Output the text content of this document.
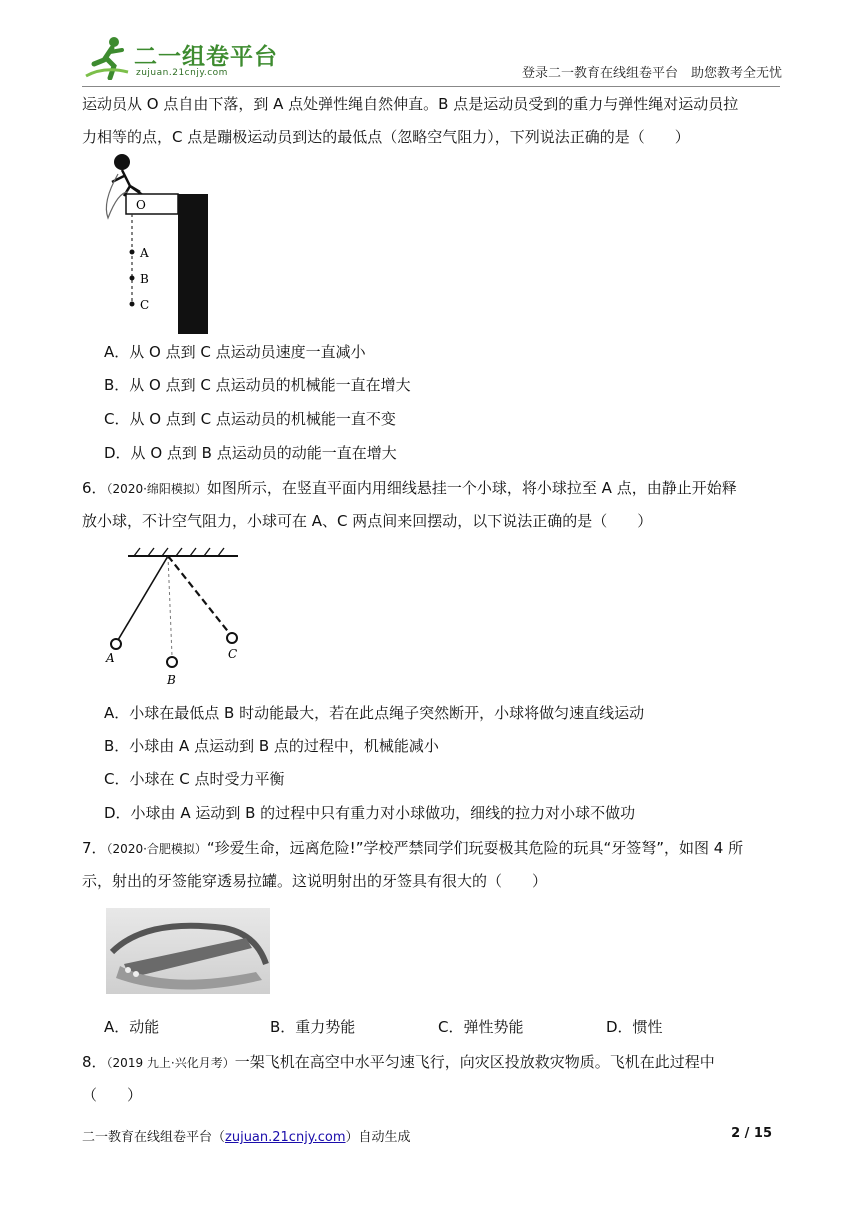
二一组卷平台
zujuan.21cnjy.com	登录二一教育在线组卷平台　助您教考全无忧
运动员从 O 点自由下落，到 A 点处弹性绳自然伸直。B 点是运动员受到的重力与弹性绳对运动员拉
力相等的点，C 点是蹦极运动员到达的最低点（忽略空气阻力），下列说法正确的是（　　）
O
A
B
C
A．从 O 点到 C 点运动员速度一直减小
B．从 O 点到 C 点运动员的机械能一直在增大
C．从 O 点到 C 点运动员的机械能一直不变
D．从 O 点到 B 点运动员的动能一直在增大
6．（2020·绵阳模拟）如图所示，在竖直平面内用细线悬挂一个小球，将小球拉至 A 点，由静止开始释
放小球，不计空气阻力，小球可在 A、C 两点间来回摆动，以下说法正确的是（　　）
A
B
C
A．小球在最低点 B 时动能最大，若在此点绳子突然断开，小球将做匀速直线运动
B．小球由 A 点运动到 B 点的过程中，机械能减小
C．小球在 C 点时受力平衡
D．小球由 A 运动到 B 的过程中只有重力对小球做功，细线的拉力对小球不做功
7．（2020·合肥模拟）“珍爱生命，远离危险!”学校严禁同学们玩耍极其危险的玩具“牙签弩”，如图 4 所
示，射出的牙签能穿透易拉罐。这说明射出的牙签具有很大的（　　）
A．动能	B．重力势能	C．弹性势能	D．惯性
8．（2019 九上·兴化月考）一架飞机在高空中水平匀速飞行，向灾区投放救灾物质。飞机在此过程中
（　　）
二一教育在线组卷平台（zujuan.21cnjy.com）自动生成	2 / 15
